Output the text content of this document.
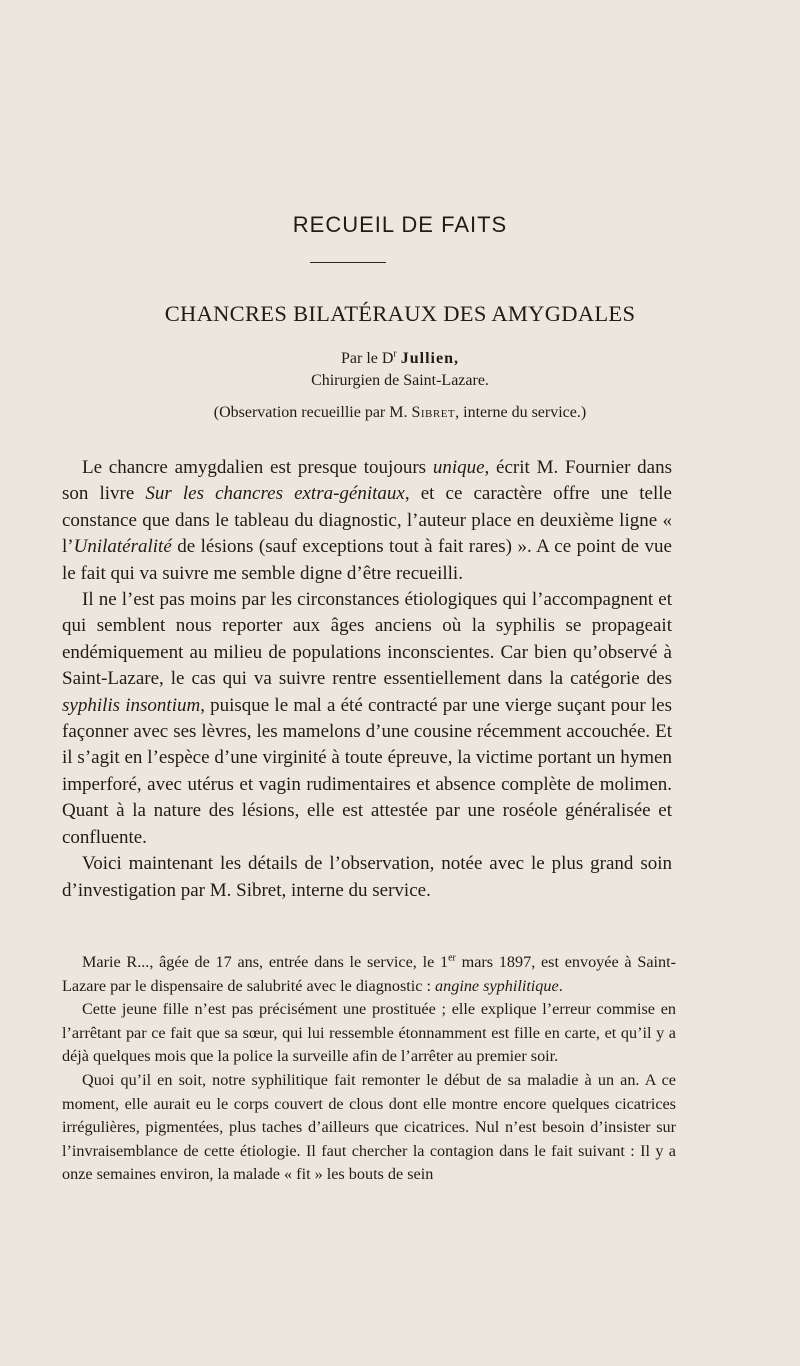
RECUEIL DE FAITS
CHANCRES BILATÉRAUX DES AMYGDALES
Par le $D^r$ Jullien,
Chirurgien de Saint-Lazare.
(Observation recueillie par M. Sibret, interne du service.)

Le chancre amygdalien est presque toujours unique, écrit M. Fournier dans son livre Sur les chancres extra-génitaux, et ce caractère offre une telle constance que dans le tableau du diagnostic, l’auteur place en deuxième ligne « l’Unilatéralité de lésions (sauf exceptions tout à fait rares) ». A ce point de vue le fait qui va suivre me semble digne d’être recueilli.

Il ne l’est pas moins par les circonstances étiologiques qui l’accompagnent et qui semblent nous reporter aux âges anciens où la syphilis se propageait endémiquement au milieu de populations inconscientes. Car bien qu’observé à Saint-Lazare, le cas qui va suivre rentre essentiellement dans la catégorie des syphilis insontium, puisque le mal a été contracté par une vierge suçant pour les façonner avec ses lèvres, les mamelons d’une cousine récemment accouchée. Et il s’agit en l’espèce d’une virginité à toute épreuve, la victime portant un hymen imperforé, avec utérus et vagin rudimentaires et absence complète de molimen. Quant à la nature des lésions, elle est attestée par une roséole généralisée et confluente.

Voici maintenant les détails de l’observation, notée avec le plus grand soin d’investigation par M. Sibret, interne du service.

Marie R..., âgée de 17 ans, entrée dans le service, le 1er mars 1897, est envoyée à Saint-Lazare par le dispensaire de salubrité avec le diagnostic : angine syphilitique.

Cette jeune fille n’est pas précisément une prostituée ; elle explique l’erreur commise en l’arrêtant par ce fait que sa sœur, qui lui ressemble étonnamment est fille en carte, et qu’il y a déjà quelques mois que la police la surveille afin de l’arrêter au premier soir.

Quoi qu’il en soit, notre syphilitique fait remonter le début de sa maladie à un an. A ce moment, elle aurait eu le corps couvert de clous dont elle montre encore quelques cicatrices irrégulières, pigmentées, plus taches d’ailleurs que cicatrices. Nul n’est besoin d’insister sur l’invraisemblance de cette étiologie. Il faut chercher la contagion dans le fait suivant : Il y a onze semaines environ, la malade « fit » les bouts de sein
